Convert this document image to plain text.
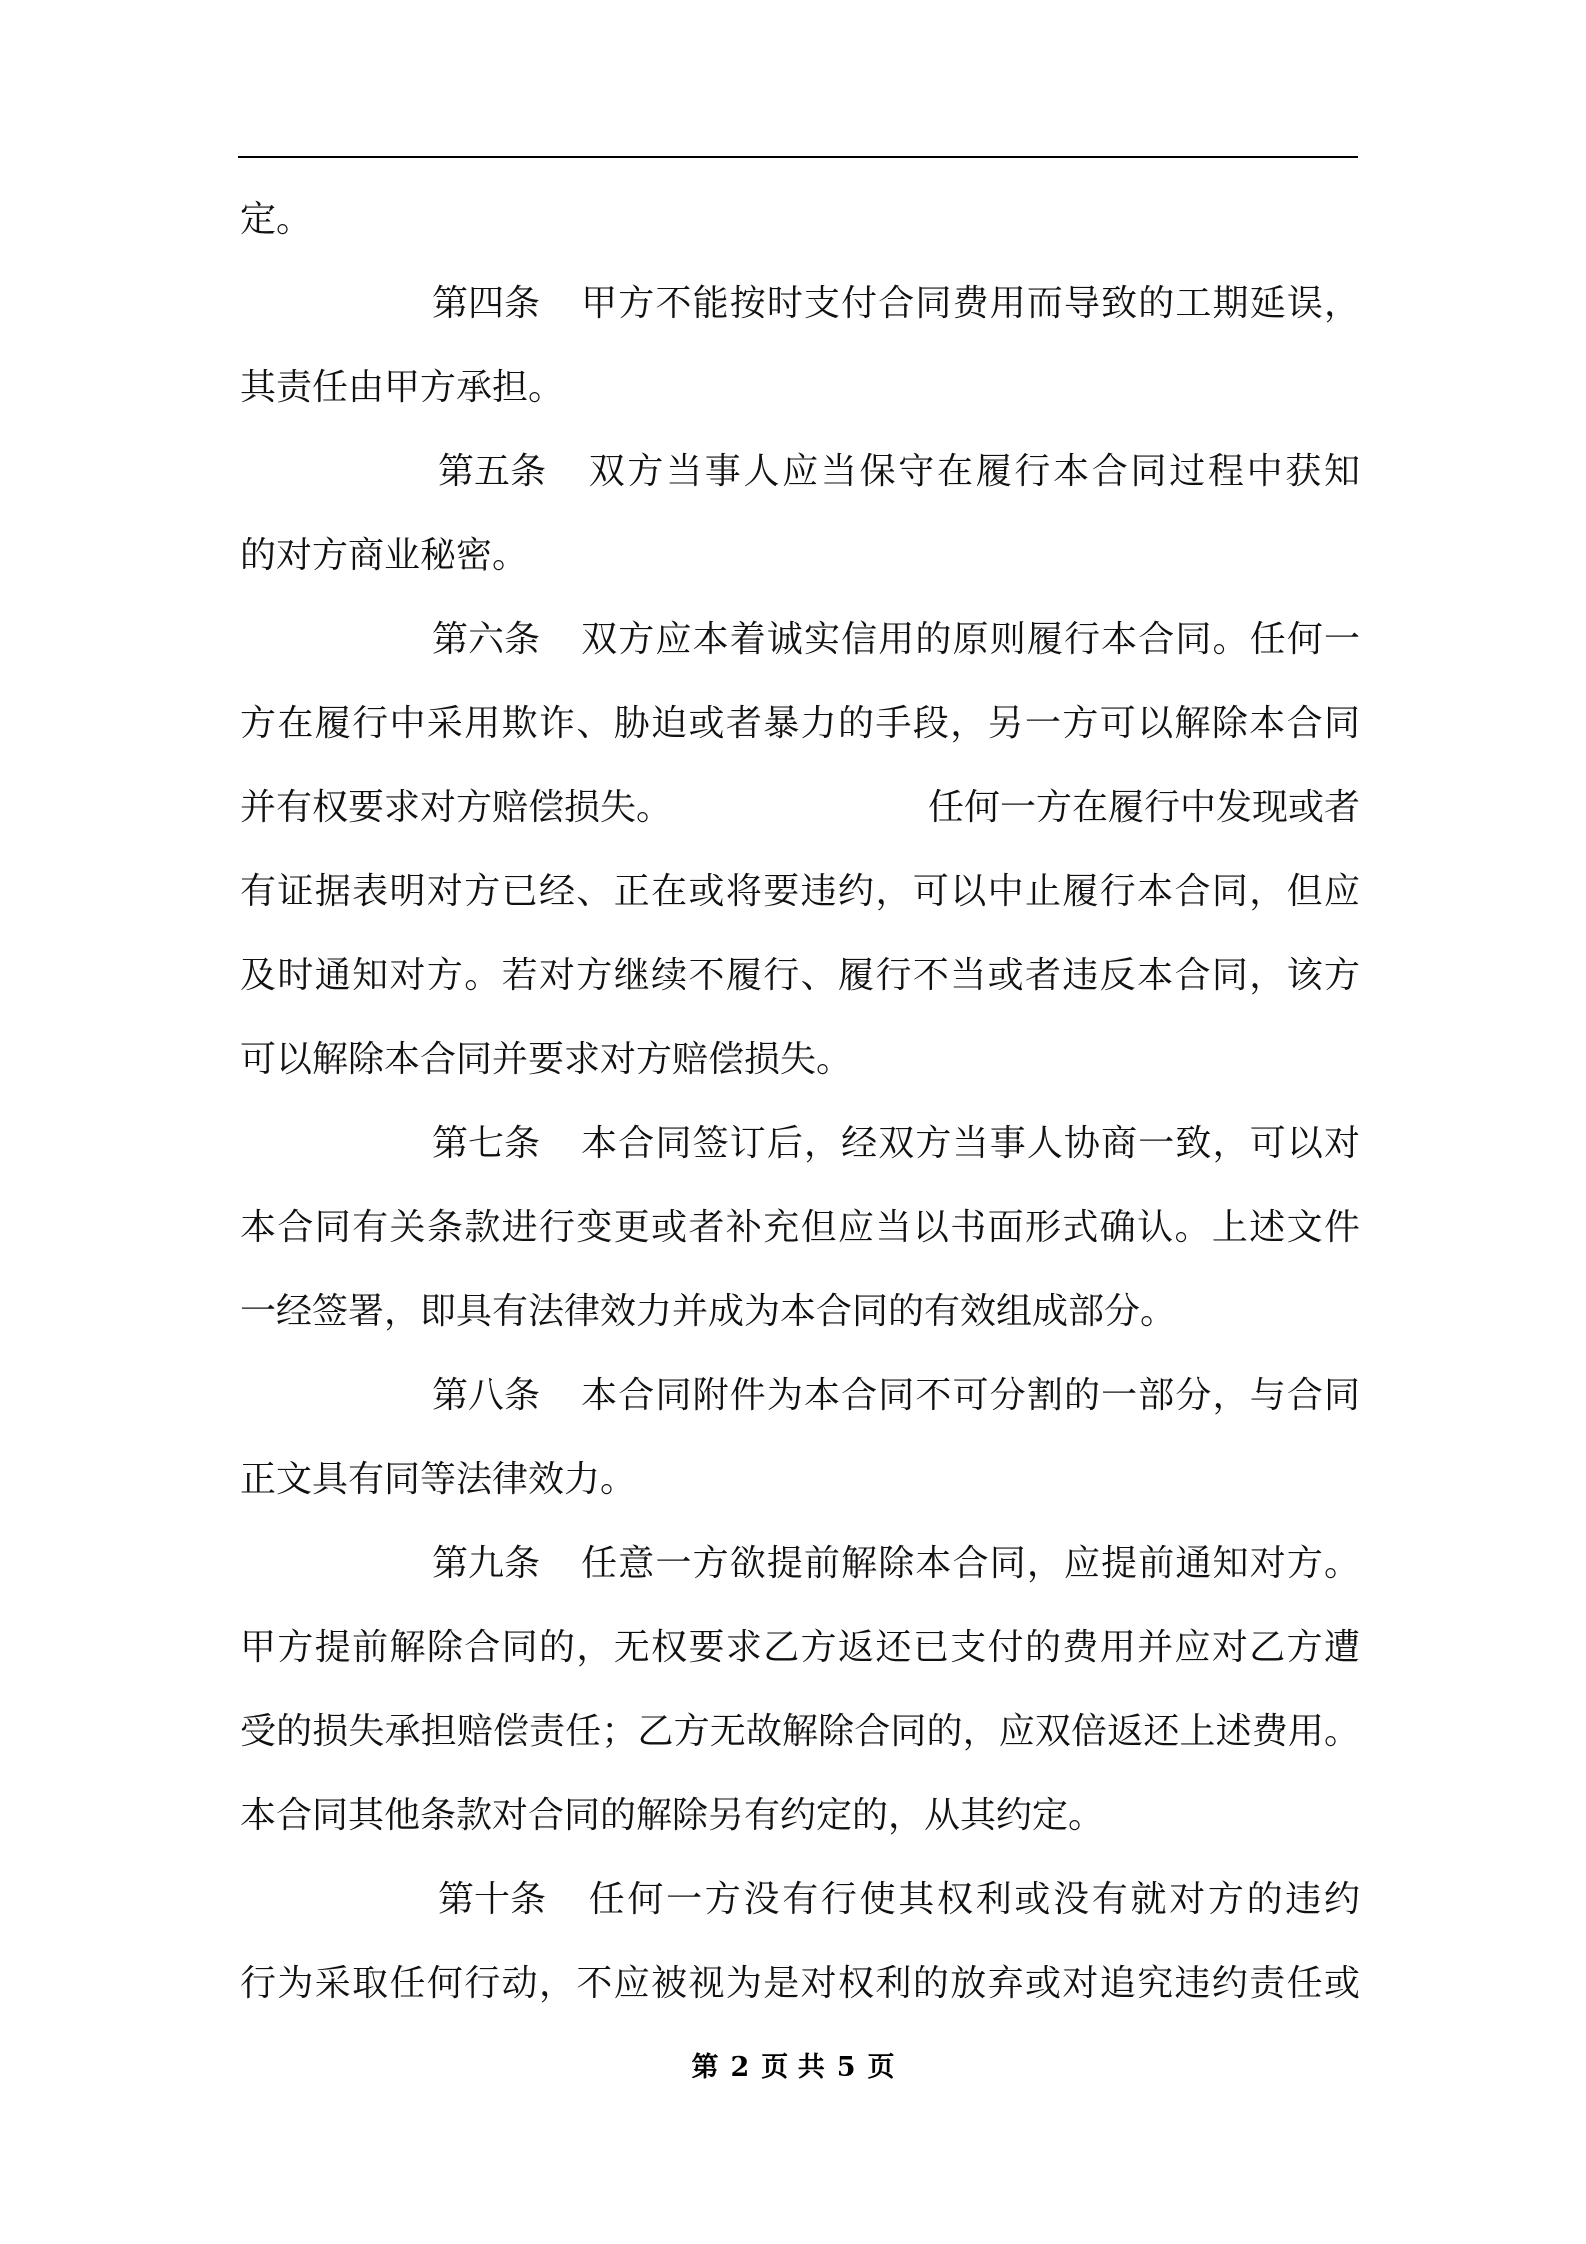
定。
第四条 甲方不能按时支付合同费用而导致的工期延误，
其责任由甲方承担。
第五条 双方当事人应当保守在履行本合同过程中获知
的对方商业秘密。
第六条 双方应本着诚实信用的原则履行本合同。任何一
方在履行中采用欺诈、胁迫或者暴力的手段，另一方可以解除本合同
并有权要求对方赔偿损失。	任何一方在履行中发现或者
有证据表明对方已经、正在或将要违约，可以中止履行本合同，但应
及时通知对方。若对方继续不履行、履行不当或者违反本合同，该方
可以解除本合同并要求对方赔偿损失。
第七条 本合同签订后，经双方当事人协商一致，可以对
本合同有关条款进行变更或者补充但应当以书面形式确认。上述文件
一经签署，即具有法律效力并成为本合同的有效组成部分。
第八条 本合同附件为本合同不可分割的一部分，与合同
正文具有同等法律效力。
第九条 任意一方欲提前解除本合同，应提前通知对方。
甲方提前解除合同的，无权要求乙方返还已支付的费用并应对乙方遭
受的损失承担赔偿责任；乙方无故解除合同的，应双倍返还上述费用。
本合同其他条款对合同的解除另有约定的，从其约定。
第十条 任何一方没有行使其权利或没有就对方的违约
行为采取任何行动，不应被视为是对权利的放弃或对追究违约责任或
第 2 页 共 5 页
